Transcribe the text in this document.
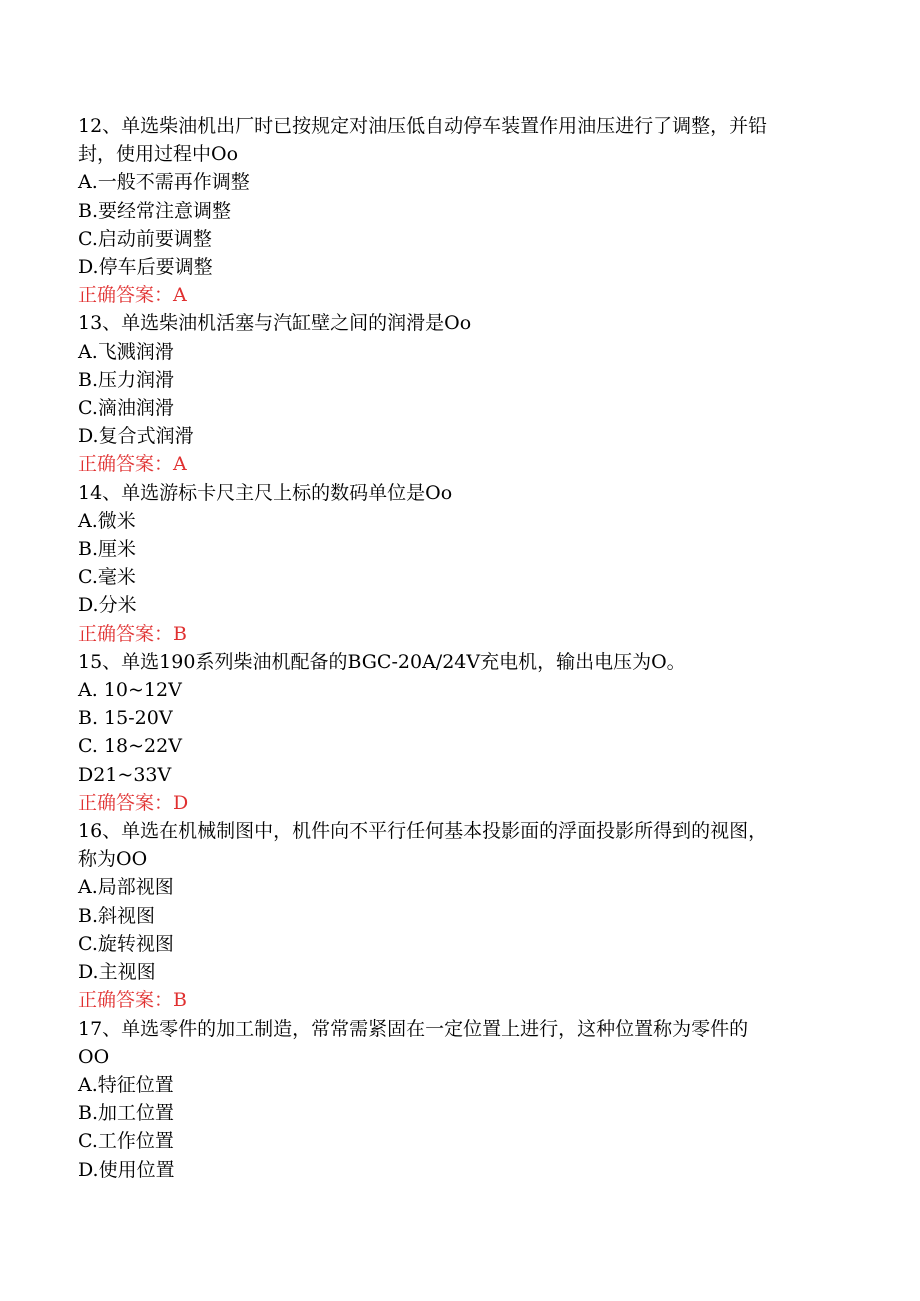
12、单选柴油机出厂时已按规定对油压低自动停车装置作用油压进行了调整，并铅封，使用过程中Oo

A.一般不需再作调整

B.要经常注意调整

C.启动前要调整

D.停车后要调整

正确答案：A

13、单选柴油机活塞与汽缸壁之间的润滑是Oo

A.飞溅润滑

B.压力润滑

C.滴油润滑

D.复合式润滑

正确答案：A

14、单选游标卡尺主尺上标的数码单位是Oo

A.微米

B.厘米

C.毫米

D.分米

正确答案：B

15、单选190系列柴油机配备的BGC-20A/24V充电机，输出电压为O。

A. 10~12V

B. 15-20V

C. 18~22V

D21~33V

正确答案：D

16、单选在机械制图中，机件向不平行任何基本投影面的浮面投影所得到的视图，称为OO

A.局部视图

B.斜视图

C.旋转视图

D.主视图

正确答案：B

17、单选零件的加工制造，常常需紧固在一定位置上进行，这种位置称为零件的OO

A.特征位置

B.加工位置

C.工作位置

D.使用位置
